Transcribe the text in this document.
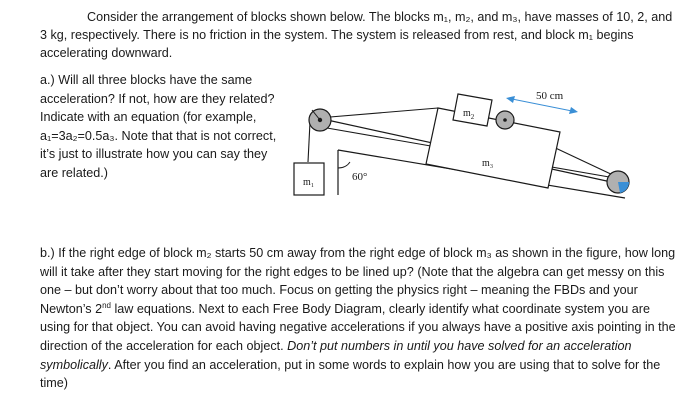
Consider the arrangement of blocks shown below. The blocks m₁, m₂, and m₃, have masses of 10, 2, and 3 kg, respectively. There is no friction in the system. The system is released from rest, and block m₁ begins accelerating downward.

a.) Will all three blocks have the same acceleration? If not, how are they related? Indicate with an equation (for example, a₁=3a₂=0.5a₃. Note that that is not correct, it’s just to illustrate how you can say they are related.)

m₁	60°
m₃
$m_2$
50 cm

b.) If the right edge of block m₂ starts 50 cm away from the right edge of block m₃ as shown in the figure, how long will it take after they start moving for the right edges to be lined up? (Note that the algebra can get messy on this one – but don’t worry about that too much. Focus on getting the physics right – meaning the FBDs and your Newton’s 2nd law equations. Next to each Free Body Diagram, clearly identify what coordinate system you are using for that object. You can avoid having negative accelerations if you always have a positive axis pointing in the direction of the acceleration for each object. Don’t put numbers in until you have solved for an acceleration symbolically. After you find an acceleration, put in some words to explain how you are using that to solve for the time)
